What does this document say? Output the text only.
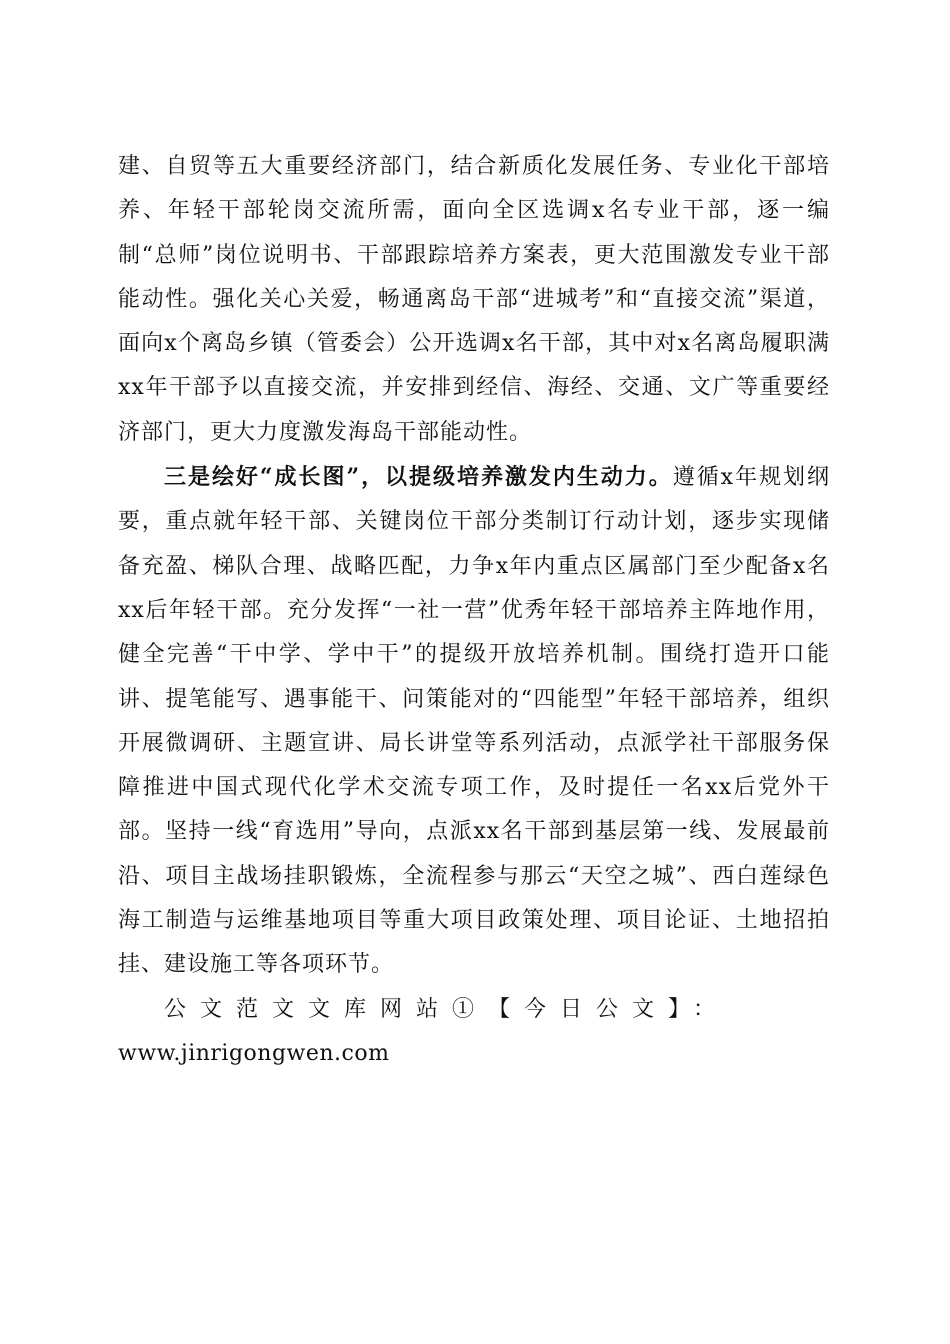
建、自贸等五大重要经济部门，结合新质化发展任务、专业化干部培养、年轻干部轮岗交流所需，面向全区选调x名专业干部，逐一编制“总师”岗位说明书、干部跟踪培养方案表，更大范围激发专业干部能动性。强化关心关爱，畅通离岛干部“进城考”和“直接交流”渠道，面向x个离岛乡镇（管委会）公开选调x名干部，其中对x名离岛履职满xx年干部予以直接交流，并安排到经信、海经、交通、文广等重要经济部门，更大力度激发海岛干部能动性。

三是绘好“成长图”，以提级培养激发内生动力。遵循x年规划纲要，重点就年轻干部、关键岗位干部分类制订行动计划，逐步实现储备充盈、梯队合理、战略匹配，力争x年内重点区属部门至少配备x名xx后年轻干部。充分发挥“一社一营”优秀年轻干部培养主阵地作用，健全完善“干中学、学中干”的提级开放培养机制。围绕打造开口能讲、提笔能写、遇事能干、问策能对的“四能型”年轻干部培养，组织开展微调研、主题宣讲、局长讲堂等系列活动，点派学社干部服务保障推进中国式现代化学术交流专项工作，及时提任一名xx后党外干部。坚持一线“育选用”导向，点派xx名干部到基层第一线、发展最前沿、项目主战场挂职锻炼，全流程参与那云“天空之城”、西白莲绿色海工制造与运维基地项目等重大项目政策处理、项目论证、土地招拍挂、建设施工等各项环节。

公文范文文库网站①【今日公文】：
www.jinrigongwen.com
